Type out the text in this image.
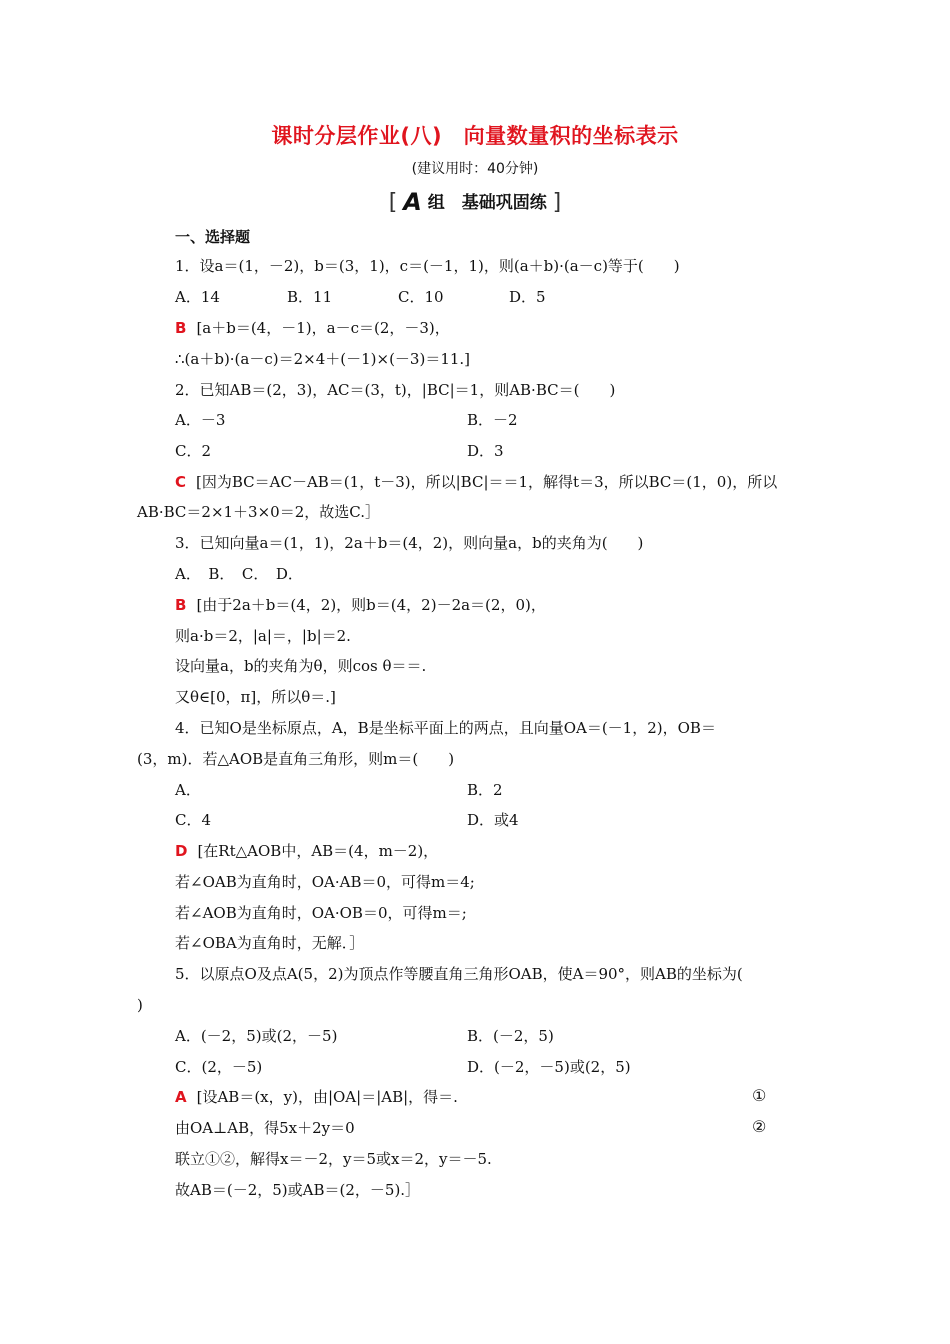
课时分层作业(八)　向量数量积的坐标表示
(建议用时：40分钟)
[ A 组　基础巩固练 ]
一、选择题
1．设a＝(1，－2)，b＝(3，1)，c＝(－1，1)，则(a＋b)·(a－c)等于(　　)
A．14	B．11	C．10	D．5
B [a＋b＝(4，－1)，a－c＝(2，－3)，
∴(a＋b)·(a－c)＝2×4＋(－1)×(－3)＝11.]
2．已知AB＝(2，3)，AC＝(3，t)，|BC|＝1，则AB·BC＝(　　)
A．－3	B．－2
C．2	D．3
C [因为BC＝AC－AB＝(1，t－3)，所以|BC|＝＝1，解得t＝3，所以BC＝(1，0)，所以
AB·BC＝2×1＋3×0＝2，故选C.］
3．已知向量a＝(1，1)，2a＋b＝(4，2)，则向量a，b的夹角为(　　)
A．　B．　C．　D．
B [由于2a＋b＝(4，2)，则b＝(4，2)－2a＝(2，0)，
则a·b＝2，|a|＝，|b|＝2.
设向量a，b的夹角为θ，则cos θ＝＝.
又θ∈[0，π]，所以θ＝.]
4．已知O是坐标原点，A，B是坐标平面上的两点，且向量OA＝(－1，2)，OB＝
(3，m)．若△AOB是直角三角形，则m＝(　　)
A．	B．2
C．4	D．或4
D [在Rt△AOB中，AB＝(4，m－2)，
若∠OAB为直角时，OA·AB＝0，可得m＝4;
若∠AOB为直角时，OA·OB＝0，可得m＝;
若∠OBA为直角时，无解．］
5．以原点O及点A(5，2)为顶点作等腰直角三角形OAB，使A＝90°，则AB的坐标为(
)
A．(－2，5)或(2，－5)	B．(－2，5)
C．(2，－5)	D．(－2，－5)或(2，5)
A [设AB＝(x，y)，由|OA|＝|AB|，得＝.	①
由OA⊥AB，得5x＋2y＝0	②
联立①②，解得x＝－2，y＝5或x＝2，y＝－5.
故AB＝(－2，5)或AB＝(2，－5).］
